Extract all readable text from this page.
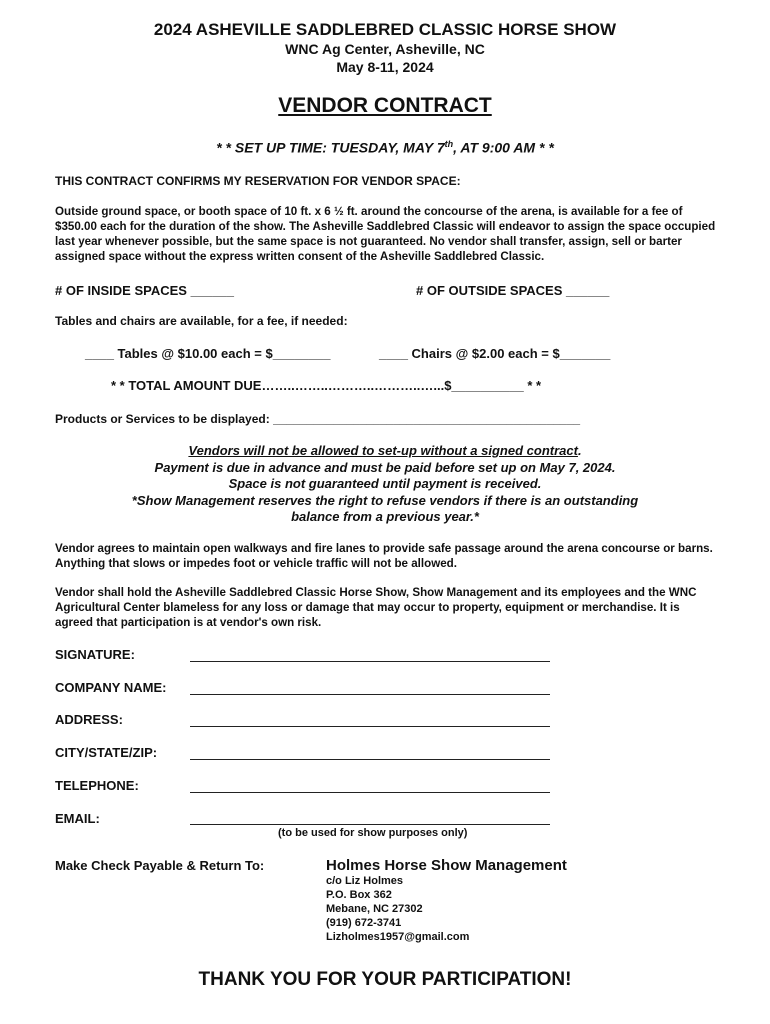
2024 ASHEVILLE SADDLEBRED CLASSIC HORSE SHOW
WNC Ag Center, Asheville, NC
May 8-11, 2024
VENDOR CONTRACT
* * SET UP TIME: TUESDAY, MAY 7th, AT 9:00 AM * *
THIS CONTRACT CONFIRMS MY RESERVATION FOR VENDOR SPACE:
Outside ground space, or booth space of 10 ft. x 6 ½ ft. around the concourse of the arena, is available for a fee of $350.00 each for the duration of the show. The Asheville Saddlebred Classic will endeavor to assign the space occupied last year whenever possible, but the same space is not guaranteed. No vendor shall transfer, assign, sell or barter assigned space without the express written consent of the Asheville Saddlebred Classic.
# OF INSIDE SPACES ______	# OF OUTSIDE SPACES ______
Tables and chairs are available, for a fee, if needed:
____ Tables @ $10.00 each = $________	____ Chairs @ $2.00 each = $_______
* * TOTAL AMOUNT DUE……..……..………..………..…...$__________ * *
Products or Services to be displayed: ______________________________________________
Vendors will not be allowed to set-up without a signed contract.
Payment is due in advance and must be paid before set up on May 7, 2024.
Space is not guaranteed until payment is received.
*Show Management reserves the right to refuse vendors if there is an outstanding
balance from a previous year.*
Vendor agrees to maintain open walkways and fire lanes to provide safe passage around the arena concourse or barns. Anything that slows or impedes foot or vehicle traffic will not be allowed.
Vendor shall hold the Asheville Saddlebred Classic Horse Show, Show Management and its employees and the WNC Agricultural Center blameless for any loss or damage that may occur to property, equipment or merchandise. It is agreed that participation is at vendor's own risk.
SIGNATURE:
COMPANY NAME:
ADDRESS:
CITY/STATE/ZIP:
TELEPHONE:
EMAIL:
(to be used for show purposes only)
Make Check Payable & Return To:	Holmes Horse Show Management
c/o Liz Holmes
P.O. Box 362
Mebane, NC 27302
(919) 672-3741
Lizholmes1957@gmail.com
THANK YOU FOR YOUR PARTICIPATION!
